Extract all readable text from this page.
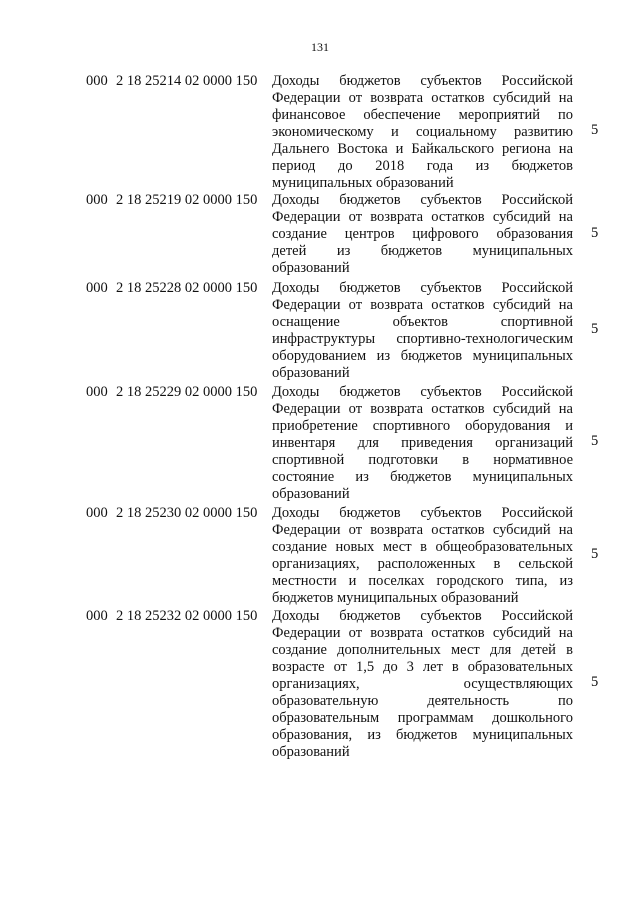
131
000 2 18 25214 02 0000 150 Доходы бюджетов субъектов Российской
Федерации от возврата остатков субсидий на
финансовое обеспечение мероприятий по
экономическому и социальному развитию
Дальнего Востока и Байкальского региона на
период до 2018 года из бюджетов
муниципальных образований
5
000 2 18 25219 02 0000 150 Доходы бюджетов субъектов Российской
Федерации от возврата остатков субсидий на
создание центров цифрового образования
детей из бюджетов муниципальных
образований
5
000 2 18 25228 02 0000 150 Доходы бюджетов субъектов Российской
Федерации от возврата остатков субсидий на
оснащение объектов спортивной
инфраструктуры спортивно-технологическим
оборудованием из бюджетов муниципальных
образований
5
000 2 18 25229 02 0000 150 Доходы бюджетов субъектов Российской
Федерации от возврата остатков субсидий на
приобретение спортивного оборудования и
инвентаря для приведения организаций
спортивной подготовки в нормативное
состояние из бюджетов муниципальных
образований
5
000 2 18 25230 02 0000 150 Доходы бюджетов субъектов Российской
Федерации от возврата остатков субсидий на
создание новых мест в общеобразовательных
организациях, расположенных в сельской
местности и поселках городского типа, из
бюджетов муниципальных образований
5
000 2 18 25232 02 0000 150 Доходы бюджетов субъектов Российской
Федерации от возврата остатков субсидий на
создание дополнительных мест для детей в
возрасте от 1,5 до 3 лет в образовательных
организациях, осуществляющих
образовательную деятельность по
образовательным программам дошкольного
образования, из бюджетов муниципальных
образований
5
